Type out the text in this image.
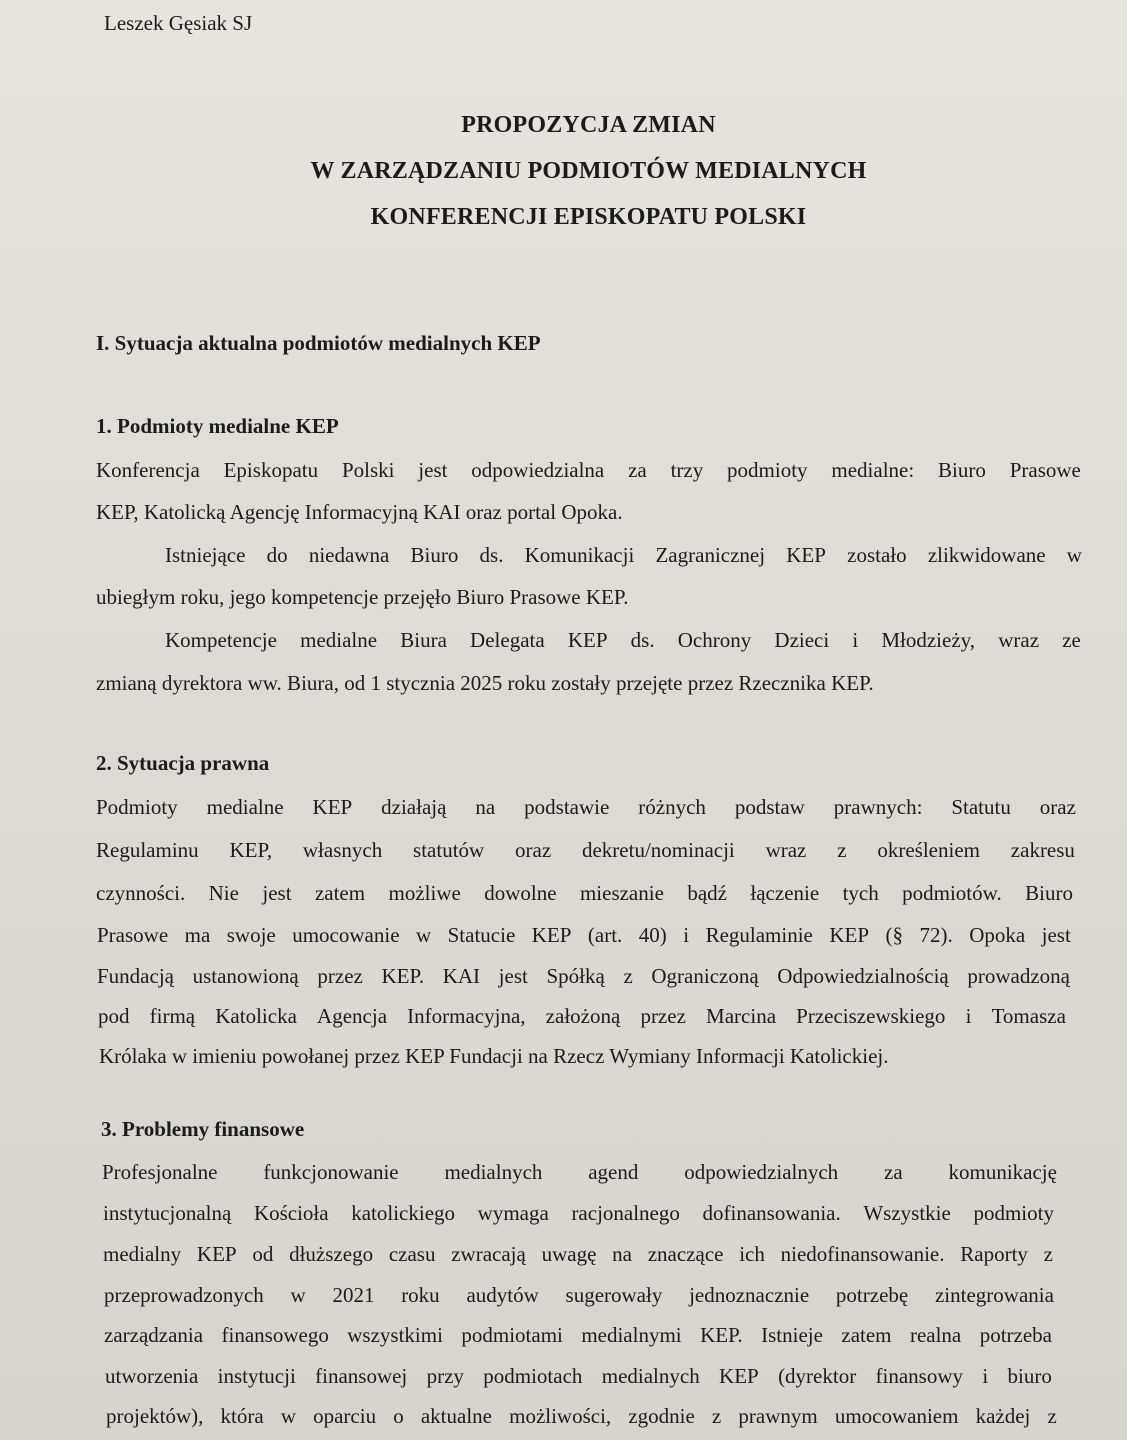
Leszek Gęsiak SJ
PROPOZYCJA ZMIAN
W ZARZĄDZANIU PODMIOTÓW MEDIALNYCH
KONFERENCJI EPISKOPATU POLSKI
I. Sytuacja aktualna podmiotów medialnych KEP
1. Podmioty medialne KEP
Konferencja Episkopatu Polski jest odpowiedzialna za trzy podmioty medialne: Biuro Prasowe
KEP, Katolicką Agencję Informacyjną KAI oraz portal Opoka.
Istniejące do niedawna Biuro ds. Komunikacji Zagranicznej KEP zostało zlikwidowane w
ubiegłym roku, jego kompetencje przejęło Biuro Prasowe KEP.
Kompetencje medialne Biura Delegata KEP ds. Ochrony Dzieci i Młodzieży, wraz ze
zmianą dyrektora ww. Biura, od 1 stycznia 2025 roku zostały przejęte przez Rzecznika KEP.
2. Sytuacja prawna
Podmioty medialne KEP działają na podstawie różnych podstaw prawnych: Statutu oraz
Regulaminu KEP, własnych statutów oraz dekretu/nominacji wraz z określeniem zakresu
czynności. Nie jest zatem możliwe dowolne mieszanie bądź łączenie tych podmiotów. Biuro
Prasowe ma swoje umocowanie w Statucie KEP (art. 40) i Regulaminie KEP (§ 72). Opoka jest
Fundacją ustanowioną przez KEP. KAI jest Spółką z Ograniczoną Odpowiedzialnością prowadzoną
pod firmą Katolicka Agencja Informacyjna, założoną przez Marcina Przeciszewskiego i Tomasza
Królaka w imieniu powołanej przez KEP Fundacji na Rzecz Wymiany Informacji Katolickiej.
3. Problemy finansowe
Profesjonalne funkcjonowanie medialnych agend odpowiedzialnych za komunikację
instytucjonalną Kościoła katolickiego wymaga racjonalnego dofinansowania. Wszystkie podmioty
medialny KEP od dłuższego czasu zwracają uwagę na znaczące ich niedofinansowanie. Raporty z
przeprowadzonych w 2021 roku audytów sugerowały jednoznacznie potrzebę zintegrowania
zarządzania finansowego wszystkimi podmiotami medialnymi KEP. Istnieje zatem realna potrzeba
utworzenia instytucji finansowej przy podmiotach medialnych KEP (dyrektor finansowy i biuro
projektów), która w oparciu o aktualne możliwości, zgodnie z prawnym umocowaniem każdej z
